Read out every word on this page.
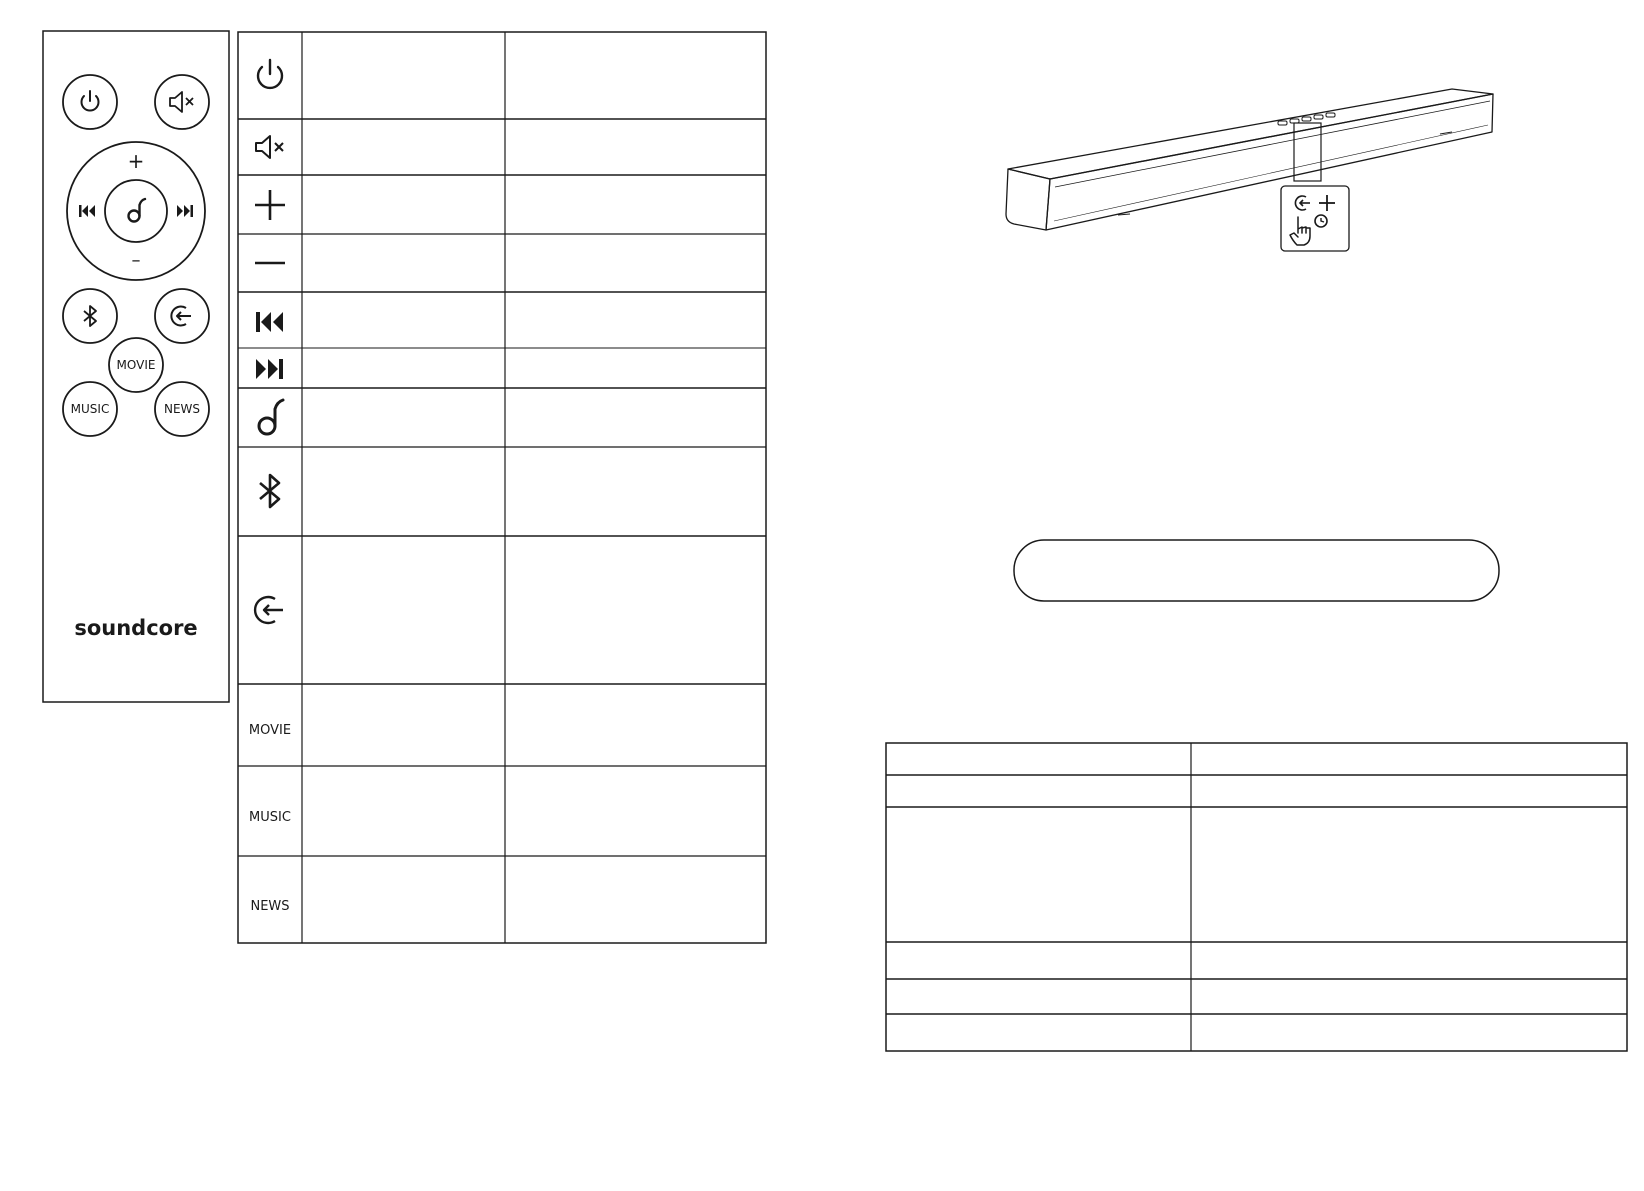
+
–
MOVIE
MUSIC	NEWS
soundcore
MOVIE
MUSIC
NEWS
